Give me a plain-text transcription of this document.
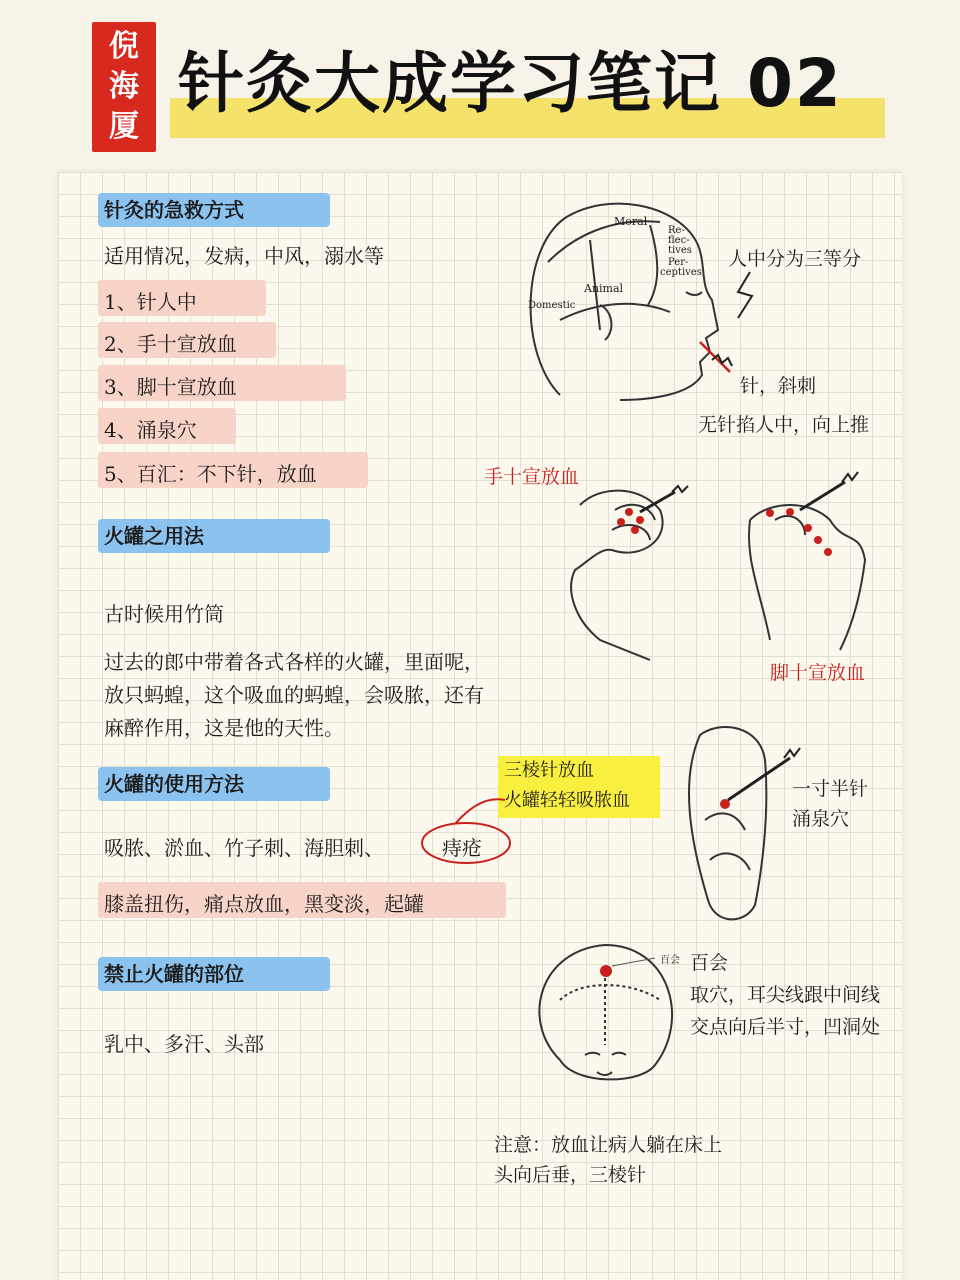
倪
海
厦
针灸大成学习笔记 02
针灸的急救方式
适用情况，发病，中风，溺水等
1、针人中
2、手十宣放血
3、脚十宣放血
4、涌泉穴
5、百汇：不下针，放血
火罐之用法
古时候用竹筒
过去的郎中带着各式各样的火罐，里面呢，
放只蚂蝗，这个吸血的蚂蝗，会吸脓，还有
麻醉作用，这是他的天性。
火罐的使用方法
三棱针放血
火罐轻轻吸脓血
吸脓、淤血、竹子刺、海胆刺、	痔疮
膝盖扭伤，痛点放血，黑变淡，起罐
禁止火罐的部位
乳中、多汗、头部
Moral
Re-
flec-
tives
Per-
ceptives
Animal
Domestic
人中分为三等分
针，斜刺
无针掐人中，向上推
手十宣放血
脚十宣放血
一寸半针
涌泉穴
百会 百会
取穴，耳尖线跟中间线
交点向后半寸，凹洞处
注意：放血让病人躺在床上
头向后垂，三棱针
